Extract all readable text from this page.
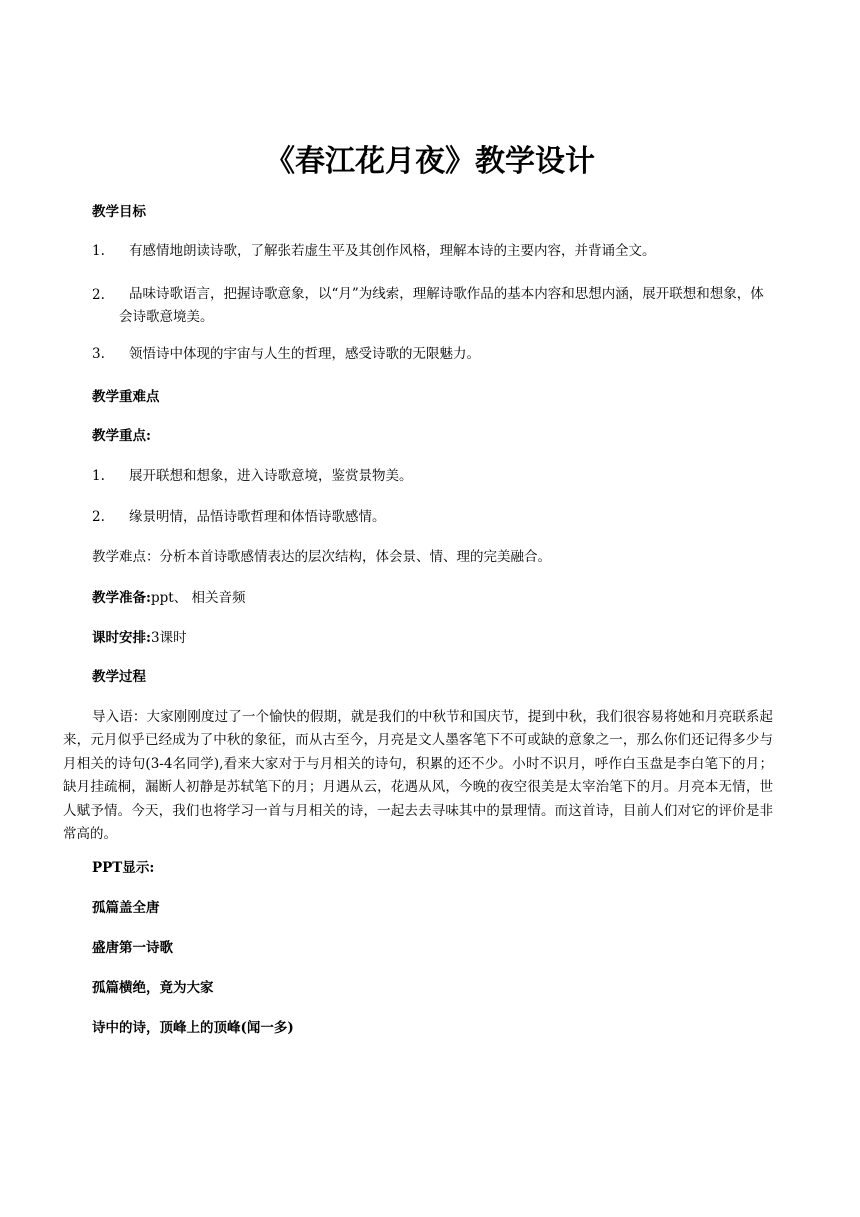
《春江花月夜》教学设计
教学目标
1. 有感情地朗读诗歌，了解张若虚生平及其创作风格，理解本诗的主要内容，并背诵全文。
2.	品味诗歌语言，把握诗歌意象，以“月”为线索，理解诗歌作品的基本内容和思想内涵，展开联想和想象，体会诗歌意境美。
3. 领悟诗中体现的宇宙与人生的哲理，感受诗歌的无限魅力。
教学重难点
教学重点:
1. 展开联想和想象，进入诗歌意境，鉴赏景物美。
2. 缘景明情，品悟诗歌哲理和体悟诗歌感情。
教学难点：分析本首诗歌感情表达的层次结构，体会景、情、理的完美融合。
教学准备:ppt、 相关音频
课时安排:3课时
教学过程
导入语：大家刚刚度过了一个愉快的假期，就是我们的中秋节和国庆节，提到中秋，我们很容易将她和月亮联系起来，元月似乎已经成为了中秋的象征，而从古至今，月亮是文人墨客笔下不可或缺的意象之一，那么你们还记得多少与月相关的诗句(3-4名同学),看来大家对于与月相关的诗句，积累的还不少。小时不识月，呼作白玉盘是李白笔下的月；缺月挂疏桐，漏断人初静是苏轼笔下的月；月遇从云，花遇从风，今晚的夜空很美是太宰治笔下的月。月亮本无情，世人赋予情。今天，我们也将学习一首与月相关的诗，一起去去寻味其中的景理情。而这首诗，目前人们对它的评价是非常高的。
PPT显示:
孤篇盖全唐
盛唐第一诗歌
孤篇横绝，竟为大家
诗中的诗，顶峰上的顶峰(闻一多)
